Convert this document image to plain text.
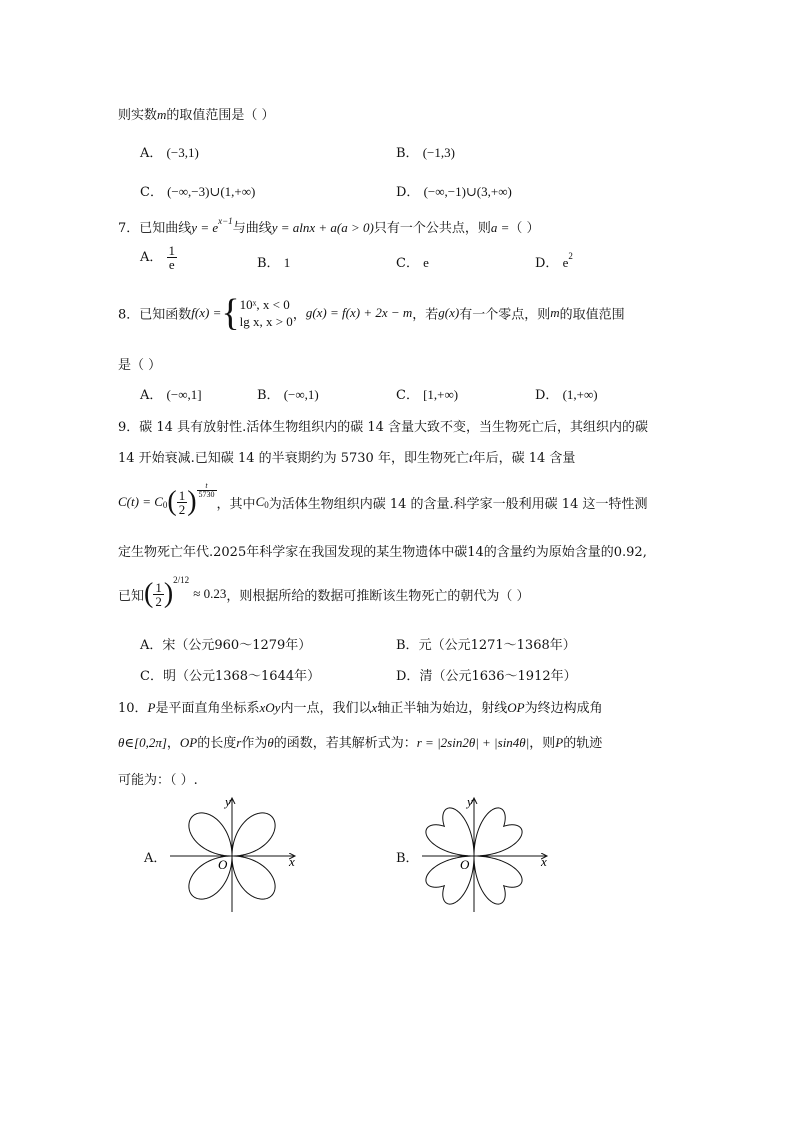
则实数m的取值范围是（ ）
A． (−3,1)	B． (−1,3)
C． (−∞,−3)∪(1,+∞)	D． (−∞,−1)∪(3,+∞)
7．已知曲线$y = e^{x-1}$与曲线y = alnx + a(a > 0)只有一个公共点，则a =（ ）
A． $\frac{1}{e}$	B． 1	C． e	D． $e^2$
8．已知函数f(x) ={ 10ˣ, x < 0
lg x, x > 0 ，g(x) = f(x) + 2x − m，若g(x)有一个零点，则m的取值范围
是（ ）
A． (−∞,1]	B． (−∞,1)	C． [1,+∞)	D． (1,+∞)
9．碳 14 具有放射性.活体生物组织内的碳 14 含量大致不变，当生物死亡后，其组织内的碳
14 开始衰减.已知碳 14 的半衰期约为 5730 年，即生物死亡t年后，碳 14 含量
C(t) = C 0 ( $\frac{1}{2}$ ) $\frac{t}{5730}$
，其中 C 0 为活体生物组织内碳 14 的含量.科学家一般利用碳 14 这一特性测
定生物死亡年代.2025年科学家在我国发现的某生物遗体中碳14的含量约为原始含量的0.92,
已知 ( $\frac{1}{2}$ ) 2/12
≈ 0.23 ，则根据所给的数据可推断该生物死亡的朝代为（ ）
A．宋（公元960～1279年）	B．元（公元1271～1368年）
C．明（公元1368～1644年）	D．清（公元1636～1912年）
10．P是平面直角坐标系xOy内一点，我们以x轴正半轴为始边，射线OP为终边构成角
θ∈[0,2π]，OP的长度r作为θ的函数，若其解析式为：r = |2sin2θ| + |sin4θ|，则P的轨迹
可能为：（ ）.
A．
y
x
O	B．
y
x
O
